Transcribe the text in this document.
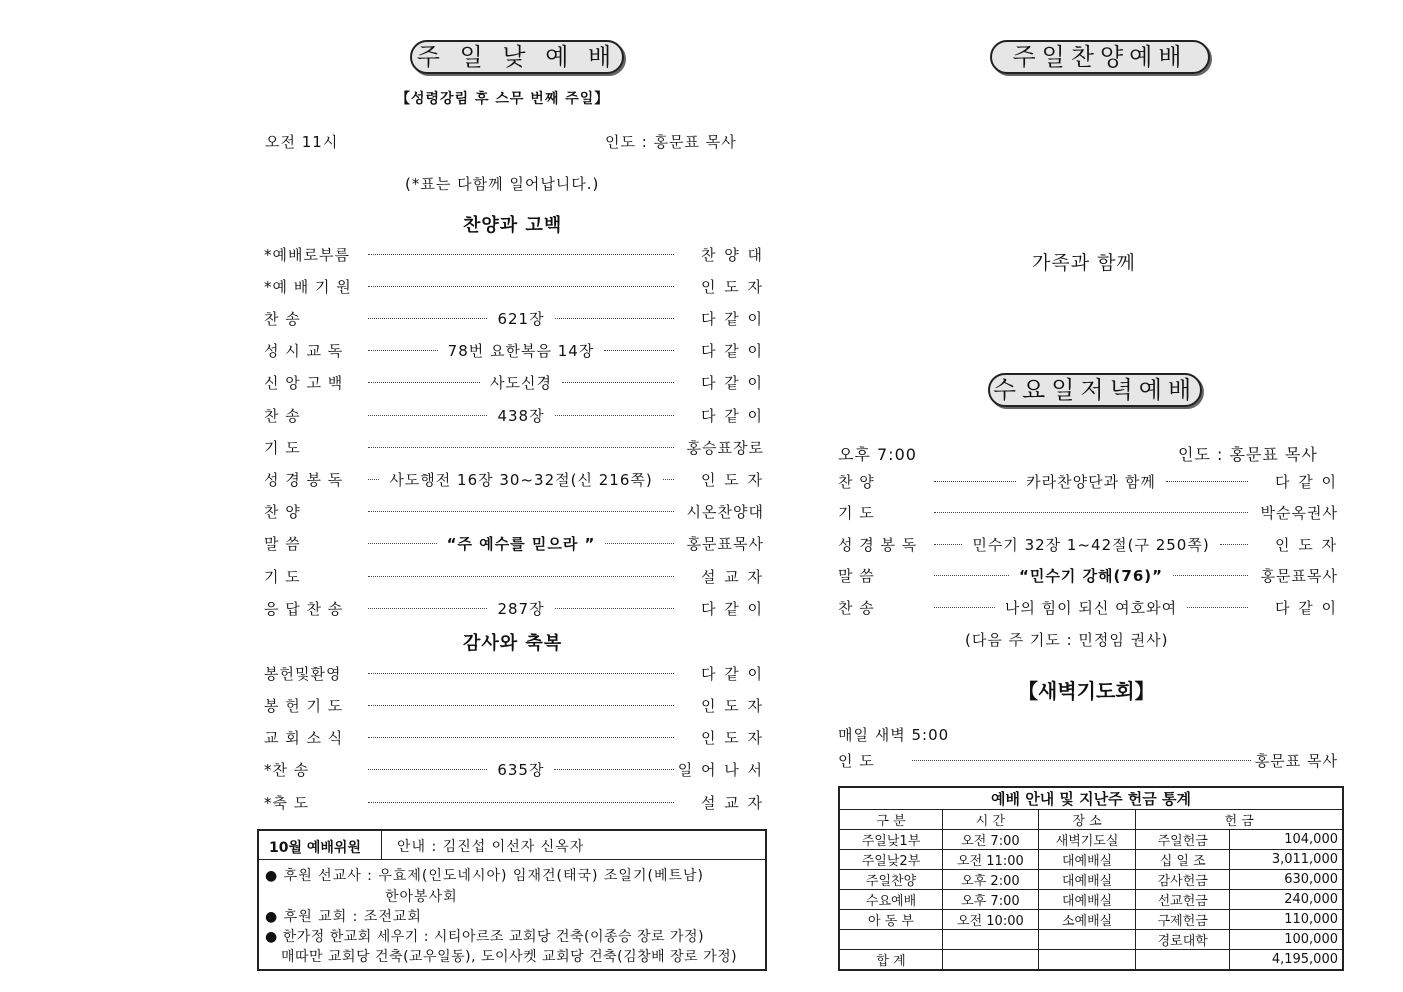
주 일 낮 예 배
【성령강림 후 스무 번째 주일】
오전 11시	인도 : 홍문표 목사
(*표는 다함께 일어납니다.)
찬양과 고백
*예배로부름	찬 양 대
*예 배 기 원	인 도 자
찬 송	621장	다 같 이
성 시 교 독	78번 요한복음 14장	다 같 이
신 앙 고 백	사도신경	다 같 이
찬 송	438장	다 같 이
기 도	홍승표장로
성 경 봉 독	사도행전 16장 30~32절(신 216쪽)	인 도 자
찬 양	시온찬양대
말 씀	“주 예수를 믿으라 ”	홍문표목사
기 도	설 교 자
응 답 찬 송	287장	다 같 이
감사와 축복
봉헌및환영	다 같 이
봉 헌 기 도	인 도 자
교 회 소 식	인 도 자
*찬 송	635장	일 어 나 서
*축 도	설 교 자
10월 예배위원	안내 : 김진섭 이선자 신옥자
● 후원 선교사 : 우효제(인도네시아) 임재건(태국) 조일기(베트남)
한아봉사회
● 후원 교회 : 조전교회
● 한가정 한교회 세우기 : 시티아르조 교회당 건축(이종승 장로 가정)
매따만 교회당 건축(교우일동), 도이사켓 교회당 건축(김창배 장로 가정)
주일찬양예배
가족과 함께
수요일저녁예배
오후 7:00	인도 : 홍문표 목사
찬 양	카라찬양단과 함께	다 같 이
기 도	박순옥권사
성 경 봉 독	민수기 32장 1~42절(구 250쪽)	인 도 자
말 씀	“민수기 강해(76)”	홍문표목사
찬 송	나의 힘이 되신 여호와여	다 같 이
(다음 주 기도 : 민정임 권사)
【새벽기도회】
매일 새벽 5:00
인 도	홍문표 목사
예배 안내 및 지난주 헌금 통계				
구 분	시 간	장 소	헌 금	
주일낮1부	오전 7:00	새벽기도실	주일헌금	104,000
주일낮2부	오전 11:00	대예배실	십 일 조	3,011,000
주일찬양	오후 2:00	대예배실	감사헌금	630,000
수요예배	오후 7:00	대예배실	선교헌금	240,000
아 동 부	오전 10:00	소예배실	구제헌금	110,000
			경로대학	100,000
합 계				4,195,000
